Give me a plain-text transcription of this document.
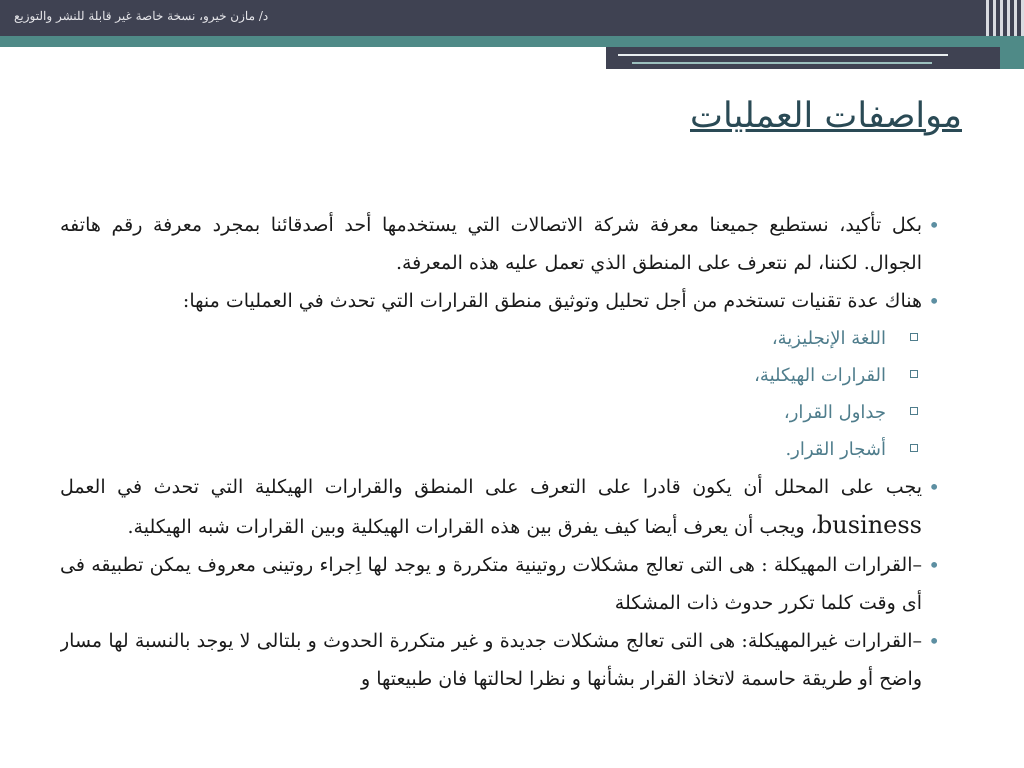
د/ مازن خيرو، نسخة خاصة غير قابلة للنشر والتوزيع
مواصفات العمليات
•
بكل تأكيد، نستطيع جميعنا معرفة شركة الاتصالات التي يستخدمها أحد أصدقائنا بمجرد معرفة رقم هاتفه الجوال. لكننا، لم نتعرف على المنطق الذي تعمل عليه هذه المعرفة.
•
هناك عدة تقنيات تستخدم من أجل تحليل وتوثيق منطق القرارات التي تحدث في العمليات منها:
اللغة الإنجليزية،
القرارات الهيكلية،
جداول القرار،
أشجار القرار.
•
يجب على المحلل أن يكون قادرا على التعرف على المنطق والقرارات الهيكلية التي تحدث في العمل business، ويجب أن يعرف أيضا كيف يفرق بين هذه القرارات الهيكلية وبين القرارات شبه الهيكلية.
•
–القرارات المهيكلة : هى التى تعالج مشكلات روتينية متكررة و يوجد لها اِجراء روتينى معروف يمكن تطبيقه فى أى وقت كلما تكرر حدوث ذات المشكلة
•
–القرارات غيرالمهيكلة: هى التى تعالج مشكلات جديدة و غير متكررة الحدوث و بلتالى لا يوجد بالنسبة لها مسار واضح أو طريقة حاسمة لاتخاذ القرار بشأنها و نظرا لحالتها فان طبيعتها و
